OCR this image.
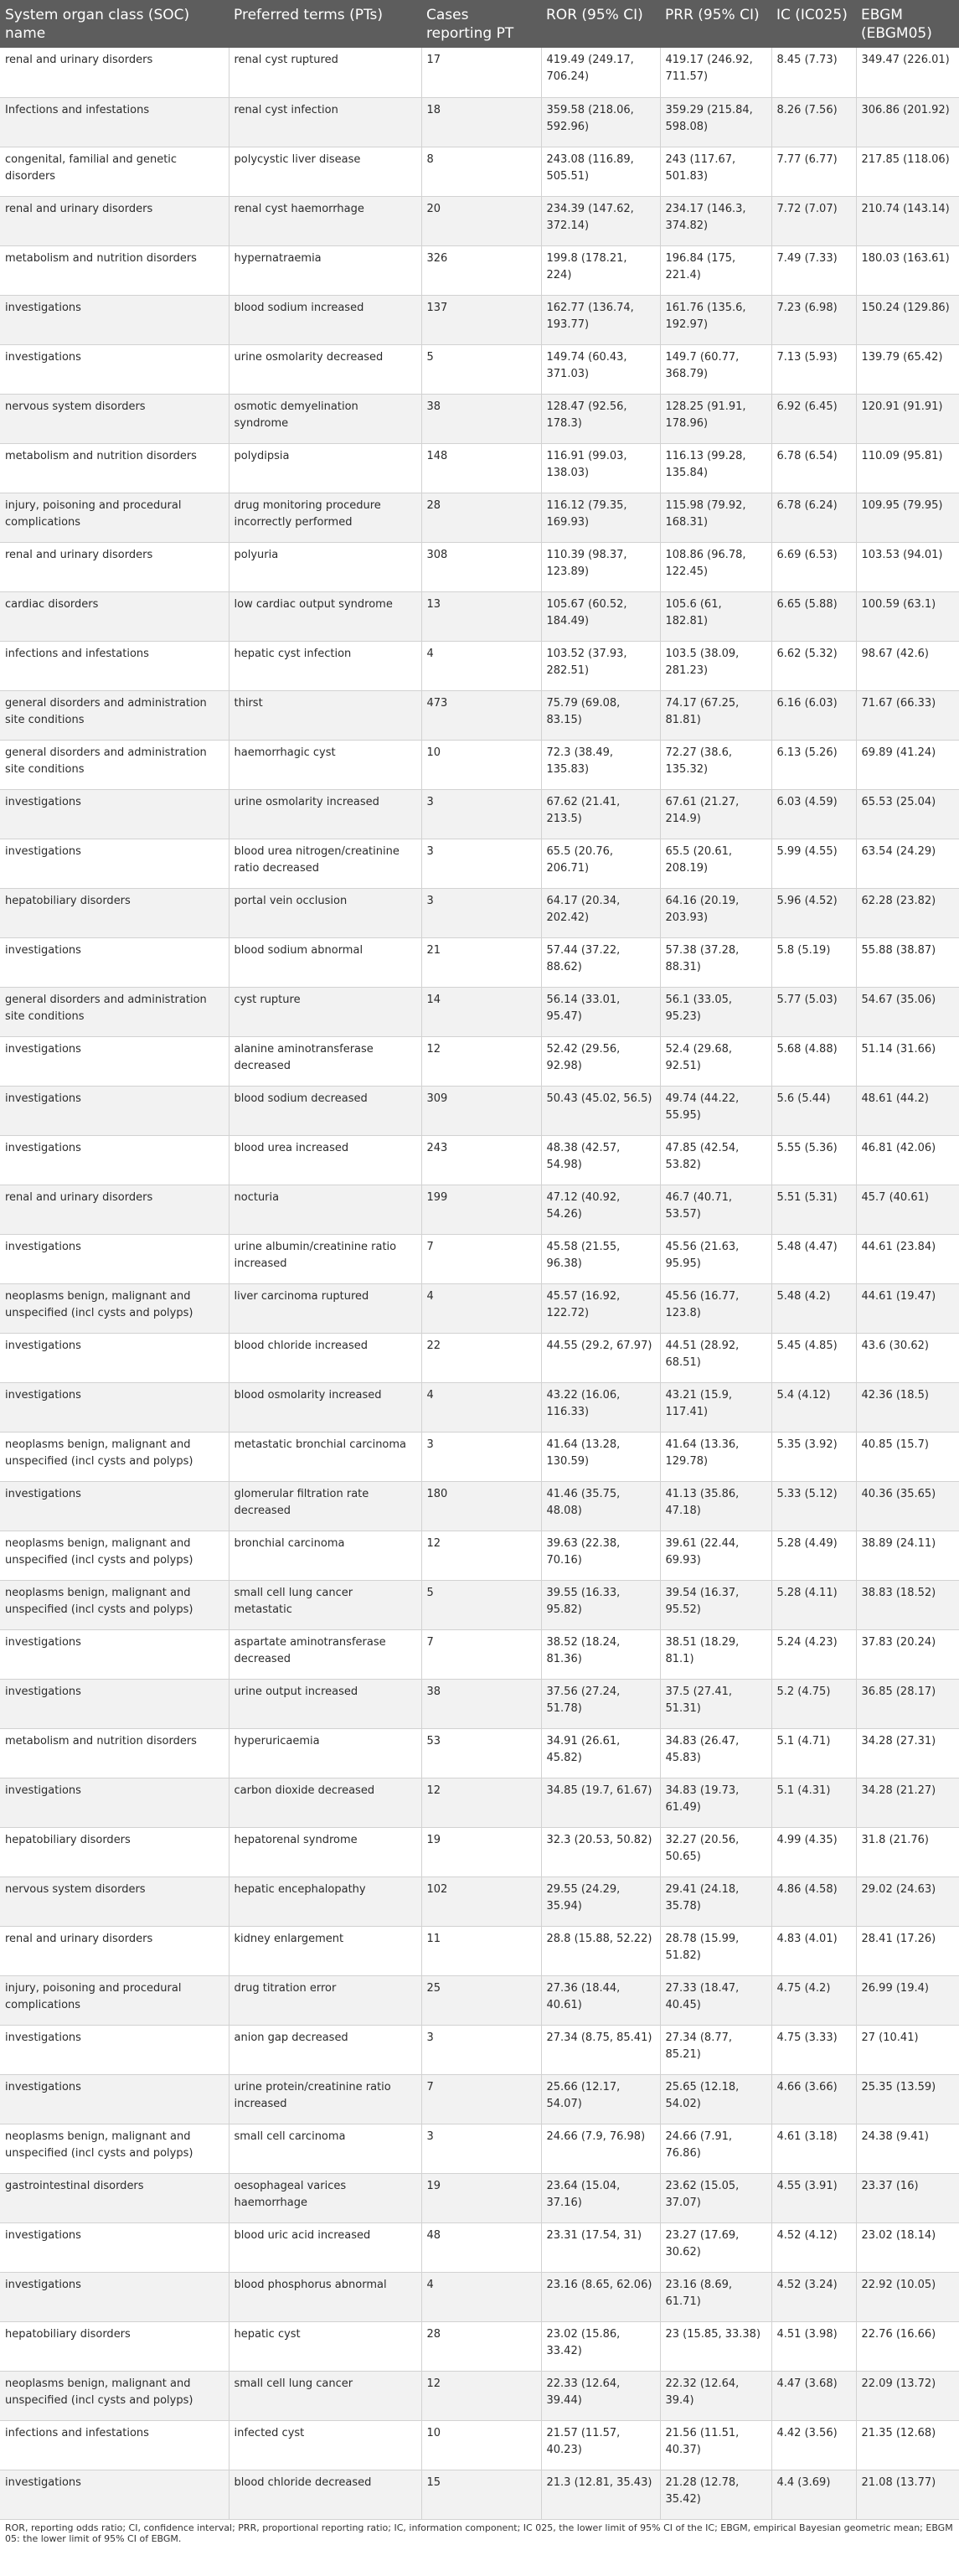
System organ class (SOC) name	Preferred terms (PTs)	Cases reporting PT	ROR (95% CI)	PRR (95% CI)	IC (IC025)	EBGM (EBGM05)
renal and urinary disorders	renal cyst ruptured	17	419.49 (249.17, 706.24)	419.17 (246.92, 711.57)	8.45 (7.73)	349.47 (226.01)
Infections and infestations	renal cyst infection	18	359.58 (218.06, 592.96)	359.29 (215.84, 598.08)	8.26 (7.56)	306.86 (201.92)
congenital, familial and genetic disorders	polycystic liver disease	8	243.08 (116.89, 505.51)	243 (117.67, 501.83)	7.77 (6.77)	217.85 (118.06)
renal and urinary disorders	renal cyst haemorrhage	20	234.39 (147.62, 372.14)	234.17 (146.3, 374.82)	7.72 (7.07)	210.74 (143.14)
metabolism and nutrition disorders	hypernatraemia	326	199.8 (178.21, 224)	196.84 (175, 221.4)	7.49 (7.33)	180.03 (163.61)
investigations	blood sodium increased	137	162.77 (136.74, 193.77)	161.76 (135.6, 192.97)	7.23 (6.98)	150.24 (129.86)
investigations	urine osmolarity decreased	5	149.74 (60.43, 371.03)	149.7 (60.77, 368.79)	7.13 (5.93)	139.79 (65.42)
nervous system disorders	osmotic demyelination syndrome	38	128.47 (92.56, 178.3)	128.25 (91.91, 178.96)	6.92 (6.45)	120.91 (91.91)
metabolism and nutrition disorders	polydipsia	148	116.91 (99.03, 138.03)	116.13 (99.28, 135.84)	6.78 (6.54)	110.09 (95.81)
injury, poisoning and procedural complications	drug monitoring procedure incorrectly performed	28	116.12 (79.35, 169.93)	115.98 (79.92, 168.31)	6.78 (6.24)	109.95 (79.95)
renal and urinary disorders	polyuria	308	110.39 (98.37, 123.89)	108.86 (96.78, 122.45)	6.69 (6.53)	103.53 (94.01)
cardiac disorders	low cardiac output syndrome	13	105.67 (60.52, 184.49)	105.6 (61, 182.81)	6.65 (5.88)	100.59 (63.1)
infections and infestations	hepatic cyst infection	4	103.52 (37.93, 282.51)	103.5 (38.09, 281.23)	6.62 (5.32)	98.67 (42.6)
general disorders and administration site conditions	thirst	473	75.79 (69.08, 83.15)	74.17 (67.25, 81.81)	6.16 (6.03)	71.67 (66.33)
general disorders and administration site conditions	haemorrhagic cyst	10	72.3 (38.49, 135.83)	72.27 (38.6, 135.32)	6.13 (5.26)	69.89 (41.24)
investigations	urine osmolarity increased	3	67.62 (21.41, 213.5)	67.61 (21.27, 214.9)	6.03 (4.59)	65.53 (25.04)
investigations	blood urea nitrogen/creatinine ratio decreased	3	65.5 (20.76, 206.71)	65.5 (20.61, 208.19)	5.99 (4.55)	63.54 (24.29)
hepatobiliary disorders	portal vein occlusion	3	64.17 (20.34, 202.42)	64.16 (20.19, 203.93)	5.96 (4.52)	62.28 (23.82)
investigations	blood sodium abnormal	21	57.44 (37.22, 88.62)	57.38 (37.28, 88.31)	5.8 (5.19)	55.88 (38.87)
general disorders and administration site conditions	cyst rupture	14	56.14 (33.01, 95.47)	56.1 (33.05, 95.23)	5.77 (5.03)	54.67 (35.06)
investigations	alanine aminotransferase decreased	12	52.42 (29.56, 92.98)	52.4 (29.68, 92.51)	5.68 (4.88)	51.14 (31.66)
investigations	blood sodium decreased	309	50.43 (45.02, 56.5)	49.74 (44.22, 55.95)	5.6 (5.44)	48.61 (44.2)
investigations	blood urea increased	243	48.38 (42.57, 54.98)	47.85 (42.54, 53.82)	5.55 (5.36)	46.81 (42.06)
renal and urinary disorders	nocturia	199	47.12 (40.92, 54.26)	46.7 (40.71, 53.57)	5.51 (5.31)	45.7 (40.61)
investigations	urine albumin/creatinine ratio increased	7	45.58 (21.55, 96.38)	45.56 (21.63, 95.95)	5.48 (4.47)	44.61 (23.84)
neoplasms benign, malignant and unspecified (incl cysts and polyps)	liver carcinoma ruptured	4	45.57 (16.92, 122.72)	45.56 (16.77, 123.8)	5.48 (4.2)	44.61 (19.47)
investigations	blood chloride increased	22	44.55 (29.2, 67.97)	44.51 (28.92, 68.51)	5.45 (4.85)	43.6 (30.62)
investigations	blood osmolarity increased	4	43.22 (16.06, 116.33)	43.21 (15.9, 117.41)	5.4 (4.12)	42.36 (18.5)
neoplasms benign, malignant and unspecified (incl cysts and polyps)	metastatic bronchial carcinoma	3	41.64 (13.28, 130.59)	41.64 (13.36, 129.78)	5.35 (3.92)	40.85 (15.7)
investigations	glomerular filtration rate decreased	180	41.46 (35.75, 48.08)	41.13 (35.86, 47.18)	5.33 (5.12)	40.36 (35.65)
neoplasms benign, malignant and unspecified (incl cysts and polyps)	bronchial carcinoma	12	39.63 (22.38, 70.16)	39.61 (22.44, 69.93)	5.28 (4.49)	38.89 (24.11)
neoplasms benign, malignant and unspecified (incl cysts and polyps)	small cell lung cancer metastatic	5	39.55 (16.33, 95.82)	39.54 (16.37, 95.52)	5.28 (4.11)	38.83 (18.52)
investigations	aspartate aminotransferase decreased	7	38.52 (18.24, 81.36)	38.51 (18.29, 81.1)	5.24 (4.23)	37.83 (20.24)
investigations	urine output increased	38	37.56 (27.24, 51.78)	37.5 (27.41, 51.31)	5.2 (4.75)	36.85 (28.17)
metabolism and nutrition disorders	hyperuricaemia	53	34.91 (26.61, 45.82)	34.83 (26.47, 45.83)	5.1 (4.71)	34.28 (27.31)
investigations	carbon dioxide decreased	12	34.85 (19.7, 61.67)	34.83 (19.73, 61.49)	5.1 (4.31)	34.28 (21.27)
hepatobiliary disorders	hepatorenal syndrome	19	32.3 (20.53, 50.82)	32.27 (20.56, 50.65)	4.99 (4.35)	31.8 (21.76)
nervous system disorders	hepatic encephalopathy	102	29.55 (24.29, 35.94)	29.41 (24.18, 35.78)	4.86 (4.58)	29.02 (24.63)
renal and urinary disorders	kidney enlargement	11	28.8 (15.88, 52.22)	28.78 (15.99, 51.82)	4.83 (4.01)	28.41 (17.26)
injury, poisoning and procedural complications	drug titration error	25	27.36 (18.44, 40.61)	27.33 (18.47, 40.45)	4.75 (4.2)	26.99 (19.4)
investigations	anion gap decreased	3	27.34 (8.75, 85.41)	27.34 (8.77, 85.21)	4.75 (3.33)	27 (10.41)
investigations	urine protein/creatinine ratio increased	7	25.66 (12.17, 54.07)	25.65 (12.18, 54.02)	4.66 (3.66)	25.35 (13.59)
neoplasms benign, malignant and unspecified (incl cysts and polyps)	small cell carcinoma	3	24.66 (7.9, 76.98)	24.66 (7.91, 76.86)	4.61 (3.18)	24.38 (9.41)
gastrointestinal disorders	oesophageal varices haemorrhage	19	23.64 (15.04, 37.16)	23.62 (15.05, 37.07)	4.55 (3.91)	23.37 (16)
investigations	blood uric acid increased	48	23.31 (17.54, 31)	23.27 (17.69, 30.62)	4.52 (4.12)	23.02 (18.14)
investigations	blood phosphorus abnormal	4	23.16 (8.65, 62.06)	23.16 (8.69, 61.71)	4.52 (3.24)	22.92 (10.05)
hepatobiliary disorders	hepatic cyst	28	23.02 (15.86, 33.42)	23 (15.85, 33.38)	4.51 (3.98)	22.76 (16.66)
neoplasms benign, malignant and unspecified (incl cysts and polyps)	small cell lung cancer	12	22.33 (12.64, 39.44)	22.32 (12.64, 39.4)	4.47 (3.68)	22.09 (13.72)
infections and infestations	infected cyst	10	21.57 (11.57, 40.23)	21.56 (11.51, 40.37)	4.42 (3.56)	21.35 (12.68)
investigations	blood chloride decreased	15	21.3 (12.81, 35.43)	21.28 (12.78, 35.42)	4.4 (3.69)	21.08 (13.77)
ROR, reporting odds ratio; CI, confidence interval; PRR, proportional reporting ratio; IC, information component; IC 025, the lower limit of 95% CI of the IC; EBGM, empirical Bayesian geometric mean; EBGM 05: the lower limit of 95% CI of EBGM.
